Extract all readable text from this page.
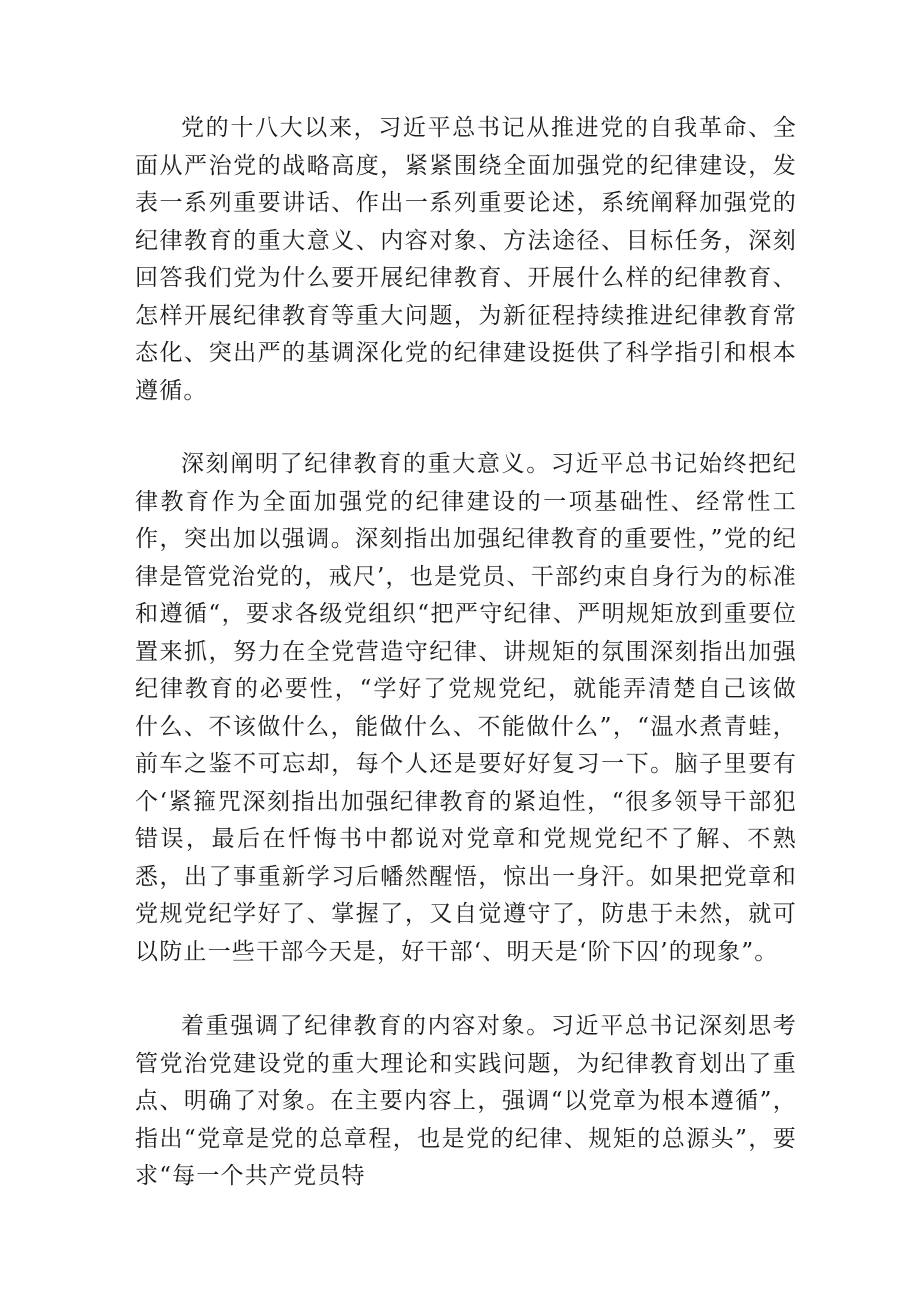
党的十八大以来，习近平总书记从推进党的自我革命、全面从严治党的战略高度，紧紧围绕全面加强党的纪律建设，发表一系列重要讲话、作出一系列重要论述，系统阐释加强党的纪律教育的重大意义、内容对象、方法途径、目标任务，深刻回答我们党为什么要开展纪律教育、开展什么样的纪律教育、怎样开展纪律教育等重大问题，为新征程持续推进纪律教育常态化、突出严的基调深化党的纪律建设挺供了科学指引和根本遵循。

深刻阐明了纪律教育的重大意义。习近平总书记始终把纪律教育作为全面加强党的纪律建设的一项基础性、经常性工作，突出加以强调。深刻指出加强纪律教育的重要性，”党的纪律是管党治党的，戒尺’，也是党员、干部约束自身行为的标准和遵循“，要求各级党组织“把严守纪律、严明规矩放到重要位置来抓，努力在全党营造守纪律、讲规矩的氛围深刻指出加强纪律教育的必要性，“学好了党规党纪，就能弄清楚自己该做什么、不该做什么，能做什么、不能做什么”，“温水煮青蛙，前车之鉴不可忘却，每个人还是要好好复习一下。脑子里要有个‘紧箍咒深刻指出加强纪律教育的紧迫性，“很多领导干部犯错误，最后在忏悔书中都说对党章和党规党纪不了解、不熟悉，出了事重新学习后幡然醒悟，惊出一身汗。如果把党章和党规党纪学好了、掌握了，又自觉遵守了，防患于未然，就可以防止一些干部今天是，好干部‘、明天是‘阶下囚’的现象”。

着重强调了纪律教育的内容对象。习近平总书记深刻思考管党治党建设党的重大理论和实践问题，为纪律教育划出了重点、明确了对象。在主要内容上，强调“以党章为根本遵循”，指出“党章是党的总章程，也是党的纪律、规矩的总源头”，要求“每一个共产党员特
